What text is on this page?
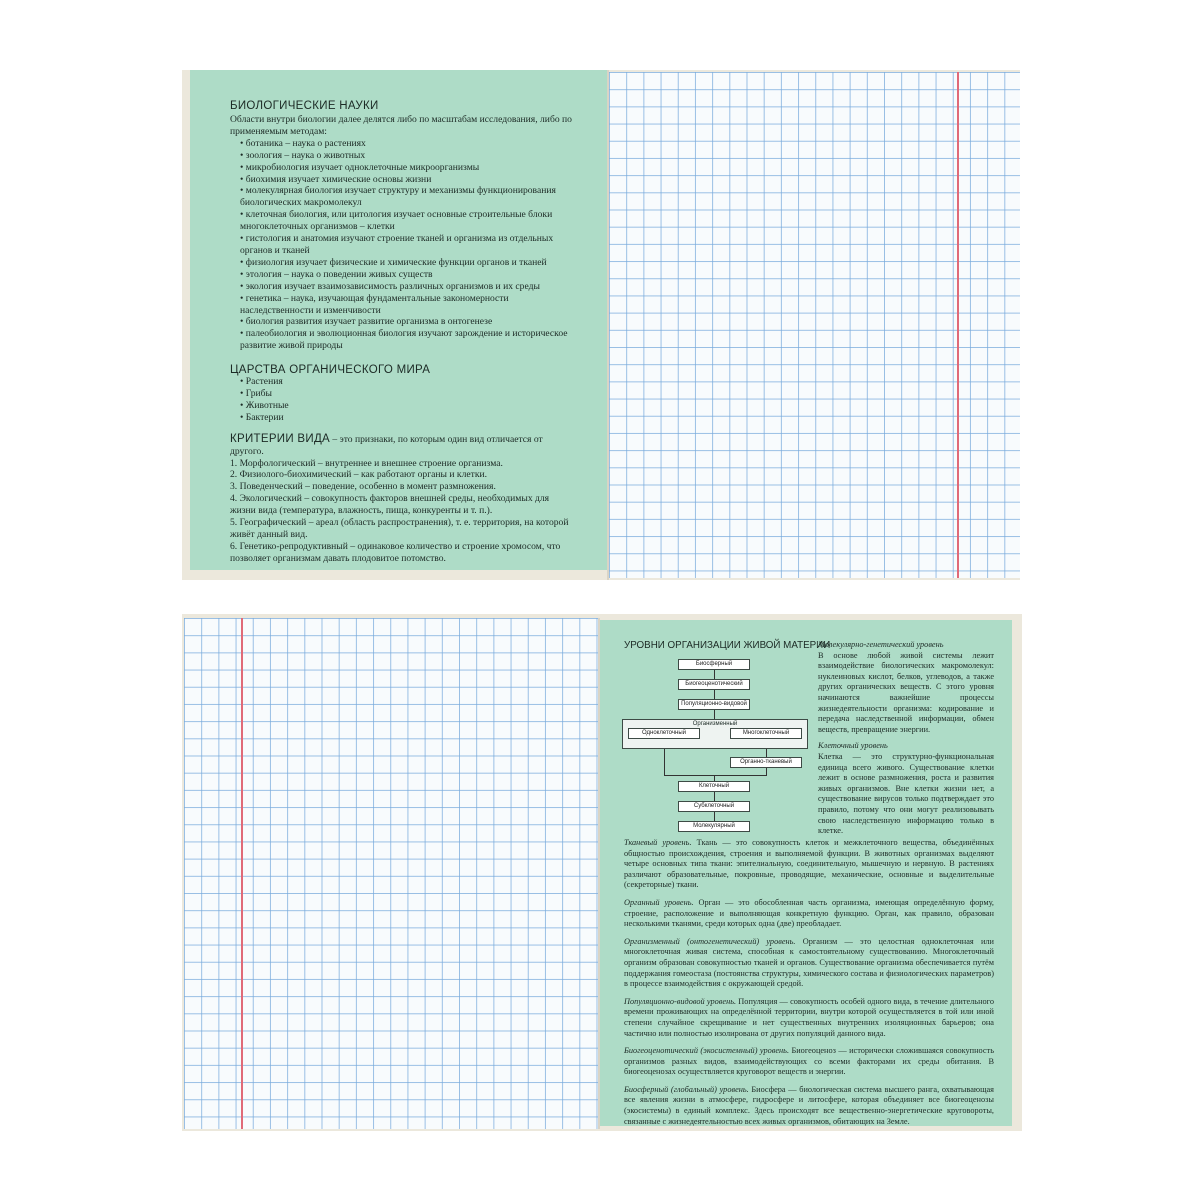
БИОЛОГИЧЕСКИЕ НАУКИ

Области внутри биологии далее делятся либо по масштабам исследования, либо по применяемым методам:

• ботаника – наука о растениях

• зоология – наука о животных

• микробиология изучает одноклеточные микроорганизмы

• биохимия изучает химические основы жизни

• молекулярная биология изучает структуру и механизмы функционирования биологических макромолекул

• клеточная биология, или цитология изучает основные строительные блоки многоклеточных организмов – клетки

• гистология и анатомия изучают строение тканей и организма из отдельных органов и тканей

• физиология изучает физические и химические функции органов и тканей

• этология – наука о поведении живых существ

• экология изучает взаимозависимость различных организмов и их среды

• генетика – наука, изучающая фундаментальные закономерности наследственности и изменчивости

• биология развития изучает развитие организма в онтогенезе

• палеобиология и эволюционная биология изучают зарождение и историческое развитие живой природы

ЦАРСТВА ОРГАНИЧЕСКОГО МИРА

• Растения

• Грибы

• Животные

• Бактерии

КРИТЕРИИ ВИДА – это признаки, по которым один вид отличается от другого.

1. Морфологический – внутреннее и внешнее строение организма.

2. Физиолого-биохимический – как работают органы и клетки.

3. Поведенческий – поведение, особенно в момент размножения.

4. Экологический – совокупность факторов внешней среды, необходимых для жизни вида (температура, влажность, пища, конкуренты и т. п.).

5. Географический – ареал (область распространения), т. е. территория, на которой живёт данный вид.

6. Генетико-репродуктивный – одинаковое количество и строение хромосом, что позволяет организмам давать плодовитое потомство.

УРОВНИ ОРГАНИЗАЦИИ ЖИВОЙ МАТЕРИИ
Биосферный
Биогеоценотический
Популяционно-видовой
Организменный
Одноклеточный	Многоклеточный
Органно-тканевый
Клеточный
Субклеточный
Молекулярный

Молекулярно-генетический уровень

В основе любой живой системы лежит взаимодействие биологических макромолекул: нуклеиновых кислот, белков, углеводов, а также других органических веществ. С этого уровня начинаются важнейшие процессы жизнедеятельности организма: кодирование и передача наследственной информации, обмен веществ, превращение энергии.

Клеточный уровень

Клетка — это структурно-функциональная единица всего живого. Существование клетки лежит в основе размножения, роста и развития живых организмов. Вне клетки жизни нет, а существование вирусов только подтверждает это правило, потому что они могут реализовывать свою наследственную информацию только в клетке.

Тканевый уровень. Ткань — это совокупность клеток и межклеточного вещества, объединённых общностью происхождения, строения и выполняемой функции. В животных организмах выделяют четыре основных типа ткани: эпителиальную, соединительную, мышечную и нервную. В растениях различают образовательные, покровные, проводящие, механические, основные и выделительные (секреторные) ткани.

Органный уровень. Орган — это обособленная часть организма, имеющая определённую форму, строение, расположение и выполняющая конкретную функцию. Орган, как правило, образован несколькими тканями, среди которых одна (две) преобладает.

Организменный (онтогенетический) уровень. Организм — это целостная одноклеточная или многоклеточная живая система, способная к самостоятельному существованию. Многоклеточный организм образован совокупностью тканей и органов. Существование организма обеспечивается путём поддержания гомеостаза (постоянства структуры, химического состава и физиологических параметров) в процессе взаимодействия с окружающей средой.

Популяционно-видовой уровень. Популяция — совокупность особей одного вида, в течение длительного времени проживающих на определённой территории, внутри которой осуществляется в той или иной степени случайное скрещивание и нет существенных внутренних изоляционных барьеров; она частично или полностью изолирована от других популяций данного вида.

Биогеоценотический (экосистемный) уровень. Биогеоценоз — исторически сложившаяся совокупность организмов разных видов, взаимодействующих со всеми факторами их среды обитания. В биогеоценозах осуществляется круговорот веществ и энергии.

Биосферный (глобальный) уровень. Биосфера — биологическая система высшего ранга, охватывающая все явления жизни в атмосфере, гидросфере и литосфере, которая объединяет все биогеоценозы (экосистемы) в единый комплекс. Здесь происходят все вещественно-энергетические круговороты, связанные с жизнедеятельностью всех живых организмов, обитающих на Земле.
